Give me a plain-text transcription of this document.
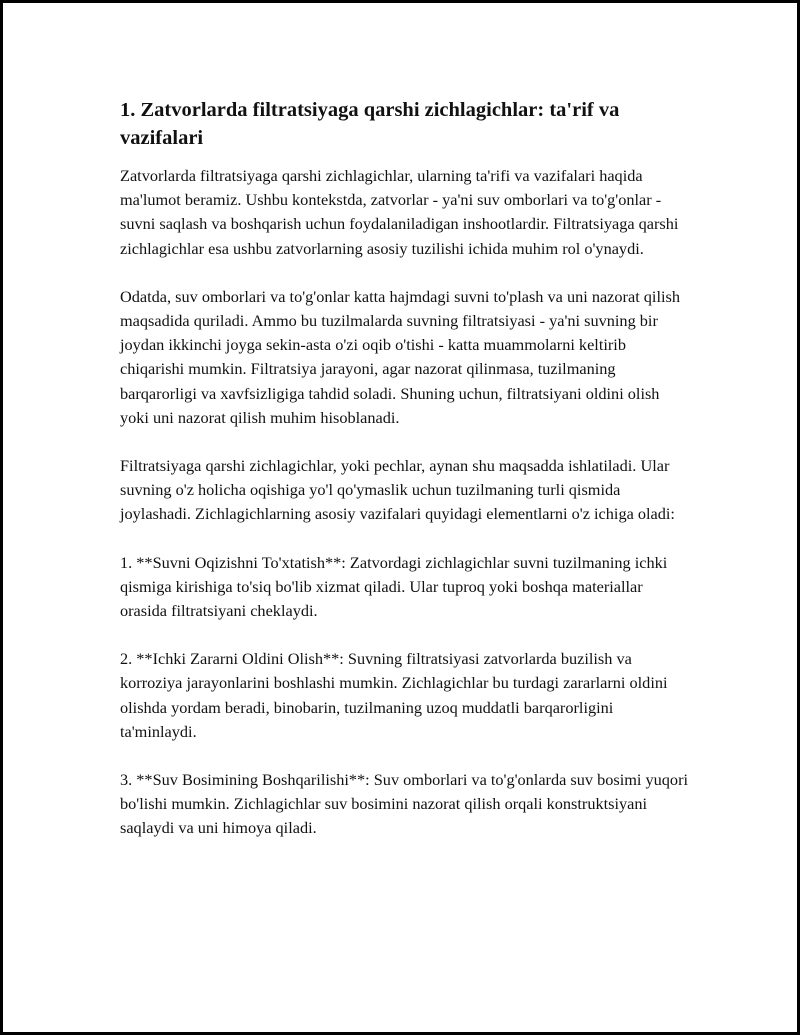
1. Zatvorlarda filtratsiyaga qarshi zichlagichlar: ta'rif va vazifalari

Zatvorlarda filtratsiyaga qarshi zichlagichlar, ularning ta'rifi va vazifalari haqida ma'lumot beramiz. Ushbu kontekstda, zatvorlar - ya'ni suv omborlari va to'g'onlar - suvni saqlash va boshqarish uchun foydalaniladigan inshootlardir. Filtratsiyaga qarshi zichlagichlar esa ushbu zatvorlarning asosiy tuzilishi ichida muhim rol o'ynaydi.

Odatda, suv omborlari va to'g'onlar katta hajmdagi suvni to'plash va uni nazorat qilish maqsadida quriladi. Ammo bu tuzilmalarda suvning filtratsiyasi - ya'ni suvning bir joydan ikkinchi joyga sekin-asta o'zi oqib o'tishi - katta muammolarni keltirib chiqarishi mumkin. Filtratsiya jarayoni, agar nazorat qilinmasa, tuzilmaning barqarorligi va xavfsizligiga tahdid soladi. Shuning uchun, filtratsiyani oldini olish yoki uni nazorat qilish muhim hisoblanadi.

Filtratsiyaga qarshi zichlagichlar, yoki pechlar, aynan shu maqsadda ishlatiladi. Ular suvning o'z holicha oqishiga yo'l qo'ymaslik uchun tuzilmaning turli qismida joylashadi. Zichlagichlarning asosiy vazifalari quyidagi elementlarni o'z ichiga oladi:

1. **Suvni Oqizishni To'xtatish**: Zatvordagi zichlagichlar suvni tuzilmaning ichki qismiga kirishiga to'siq bo'lib xizmat qiladi. Ular tuproq yoki boshqa materiallar orasida filtratsiyani cheklaydi.

2. **Ichki Zararni Oldini Olish**: Suvning filtratsiyasi zatvorlarda buzilish va korroziya jarayonlarini boshlashi mumkin. Zichlagichlar bu turdagi zararlarni oldini olishda yordam beradi, binobarin, tuzilmaning uzoq muddatli barqarorligini ta'minlaydi.

3. **Suv Bosimining Boshqarilishi**: Suv omborlari va to'g'onlarda suv bosimi yuqori bo'lishi mumkin. Zichlagichlar suv bosimini nazorat qilish orqali konstruktsiyani saqlaydi va uni himoya qiladi.
